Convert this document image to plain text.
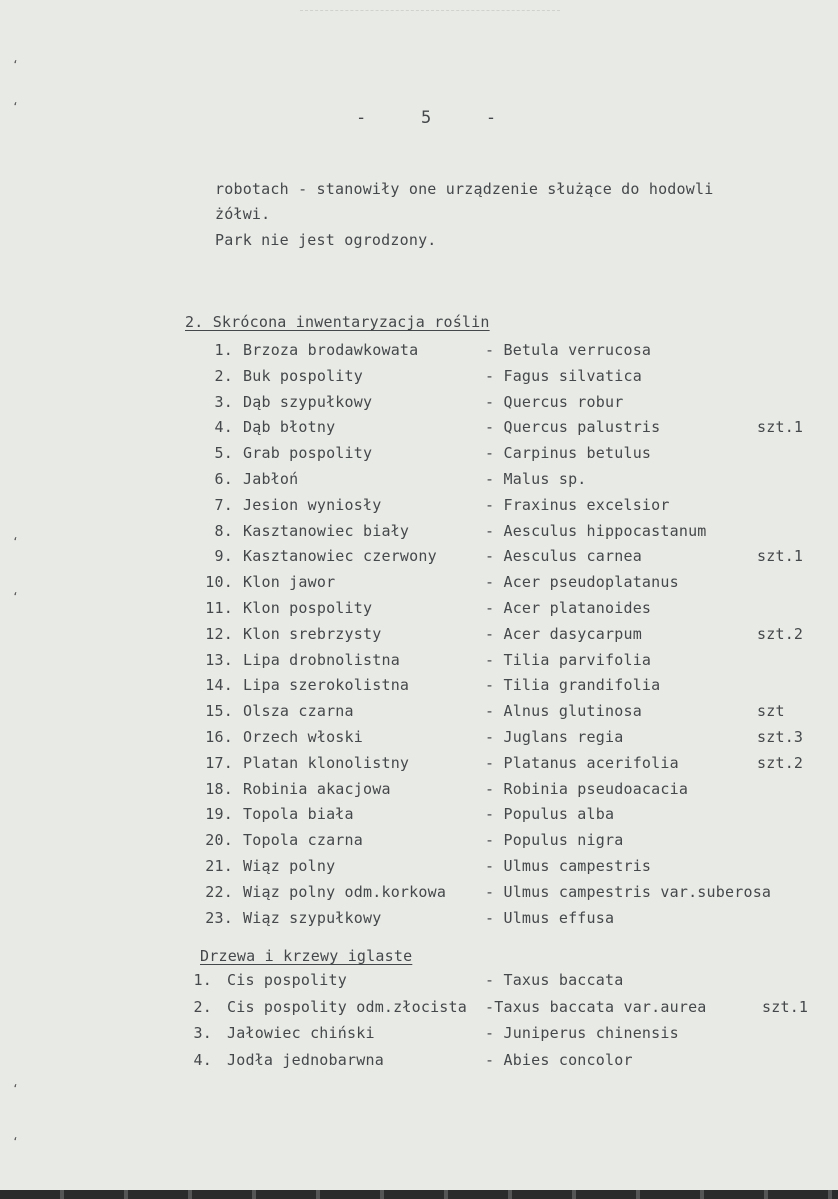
‘
‘
‘
‘
‘
‘
-   5   -
robotach - stanowiły one urządzenie służące do hodowli
żółwi.
Park nie jest ogrodzony.
2. Skrócona inwentaryzacja roślin
1. Brzoza brodawkowata	- Betula verrucosa
2. Buk pospolity	- Fagus silvatica
3. Dąb szypułkowy	- Quercus robur
4. Dąb błotny	- Quercus palustris	szt.1
5. Grab pospolity	- Carpinus betulus
6. Jabłoń	- Malus sp.
7. Jesion wyniosły	- Fraxinus excelsior
8. Kasztanowiec biały	- Aesculus hippocastanum
9. Kasztanowiec czerwony	- Aesculus carnea	szt.1
10. Klon jawor	- Acer pseudoplatanus
11. Klon pospolity	- Acer platanoides
12. Klon srebrzysty	- Acer dasycarpum	szt.2
13. Lipa drobnolistna	- Tilia parvifolia
14. Lipa szerokolistna	- Tilia grandifolia
15. Olsza czarna	- Alnus glutinosa	szt
16. Orzech włoski	- Juglans regia	szt.3
17. Platan klonolistny	- Platanus acerifolia	szt.2
18. Robinia akacjowa	- Robinia pseudoacacia
19. Topola biała	- Populus alba
20. Topola czarna	- Populus nigra
21. Wiąz polny	- Ulmus campestris
22. Wiąz polny odm.korkowa	- Ulmus campestris var.suberosa
23. Wiąz szypułkowy	- Ulmus effusa
Drzewa i krzewy iglaste
1. Cis pospolity	- Taxus baccata
2. Cis pospolity odm.złocista -Taxus baccata var.aurea	szt.1
3. Jałowiec chiński	- Juniperus chinensis
4. Jodła jednobarwna	- Abies concolor
